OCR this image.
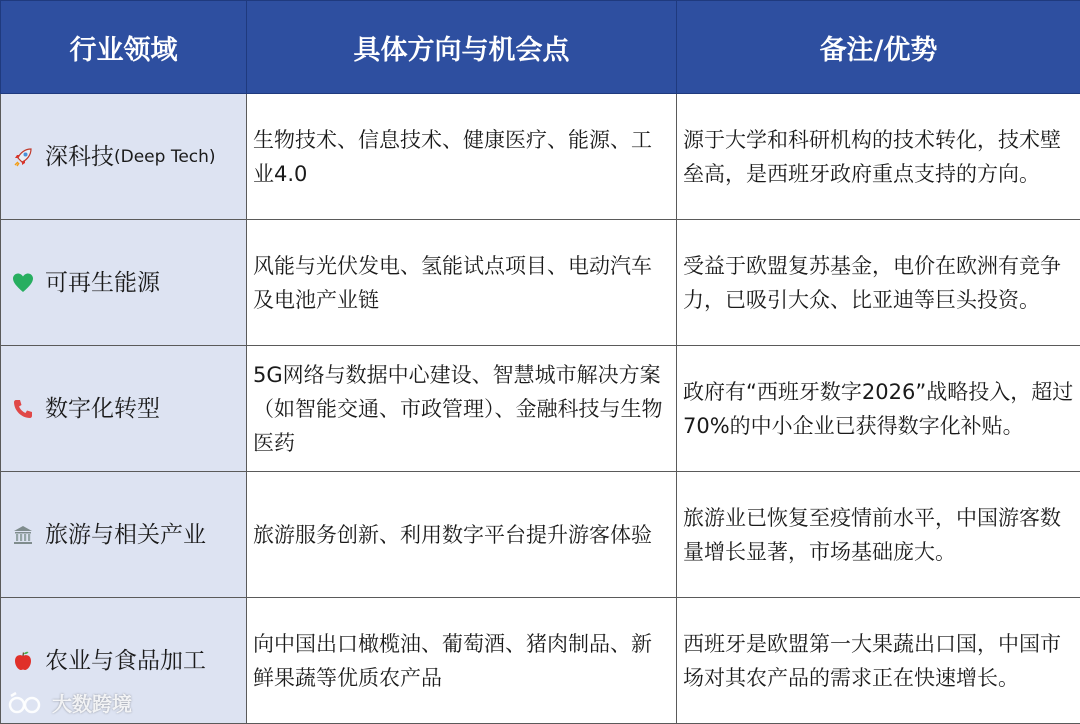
行业领域	具体方向与机会点	备注/优势

深科技 (Deep Tech)	生物技术、信息技术、健康医疗、能源、工业4.0	源于大学和科研机构的技术转化，技术壁垒高，是西班牙政府重点支持的方向。

可再生能源	风能与光伏发电、氢能试点项目、电动汽车及电池产业链	受益于欧盟复苏基金，电价在欧洲有竞争力，已吸引大众、比亚迪等巨头投资。

数字化转型	5G网络与数据中心建设、智慧城市解决方案（如智能交通、市政管理）、金融科技与生物医药	政府有“西班牙数字2026”战略投入，超过70%的中小企业已获得数字化补贴。

旅游与相关产业	旅游服务创新、利用数字平台提升游客体验	旅游业已恢复至疫情前水平，中国游客数量增长显著，市场基础庞大。

农业与食品加工	向中国出口橄榄油、葡萄酒、猪肉制品、新鲜果蔬等优质农产品	西班牙是欧盟第一大果蔬出口国，中国市场对其农产品的需求正在快速增长。
大数跨境
